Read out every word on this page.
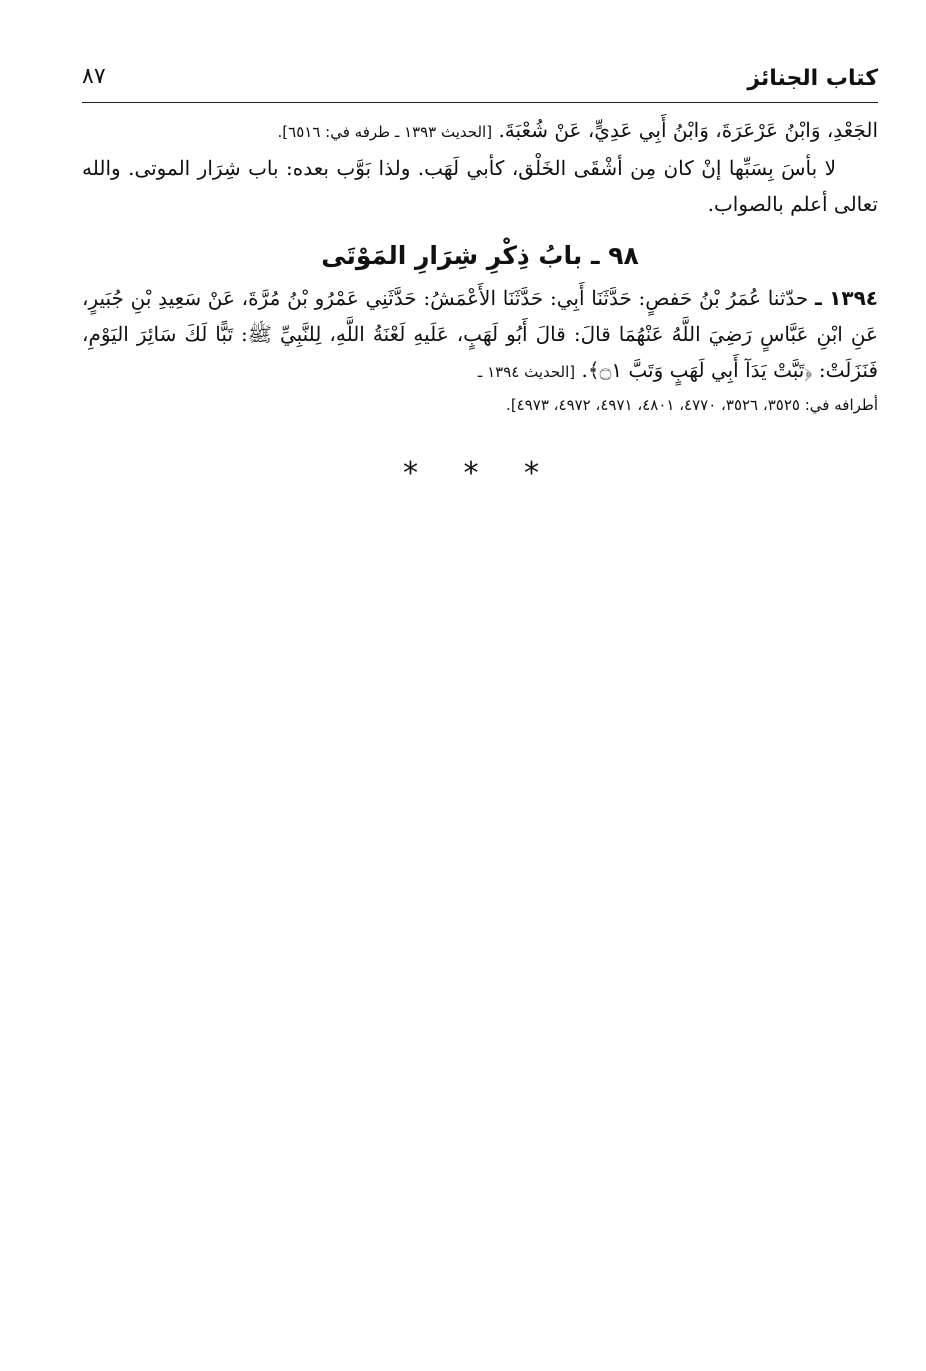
كتاب الجنائز
٨٧

الجَعْدِ، وَابْنُ عَرْعَرَةَ، وَابْنُ أَبِي عَدِيٍّ، عَنْ شُعْبَةَ. [الحديث ١٣٩٣ ـ طرفه في: ٦٥١٦].

لا بأسَ بِسَبِّها إنْ كان مِن أشْقَى الخَلْق، كأبي لَهَب. ولذا بَوَّب بعده: باب شِرَار الموتى. والله تعالى أعلم بالصواب.

٩٨ ـ بابُ ذِكْرِ شِرَارِ المَوْتَى

١٣٩٤ ـ حدّثنا عُمَرُ بْنُ حَفصٍ: حَدَّثَنَا أَبِي: حَدَّثَنَا الأَعْمَشُ: حَدَّثَنِي عَمْرُو بْنُ مُرَّةَ، عَنْ سَعِيدِ بْنِ جُبَيرٍ، عَنِ ابْنِ عَبَّاسٍ رَضِيَ اللَّهُ عَنْهُمَا قالَ: قالَ أَبُو لَهَبٍ، عَلَيهِ لَعْنَةُ اللَّهِ، لِلنَّبِيِّ ﷺ: تَبًّا لَكَ سَائِرَ اليَوْمِ، فَنَزَلَتْ: ﴿تَبَّتْ يَدَآ أَبِي لَهَبٍ وَتَبَّ ۝١﴾. [الحديث ١٣٩٤ ـ

أطرافه في: ٣٥٢٥، ٣٥٢٦، ٤٧٧٠، ٤٨٠١، ٤٩٧١، ٤٩٧٢، ٤٩٧٣].

* * *
